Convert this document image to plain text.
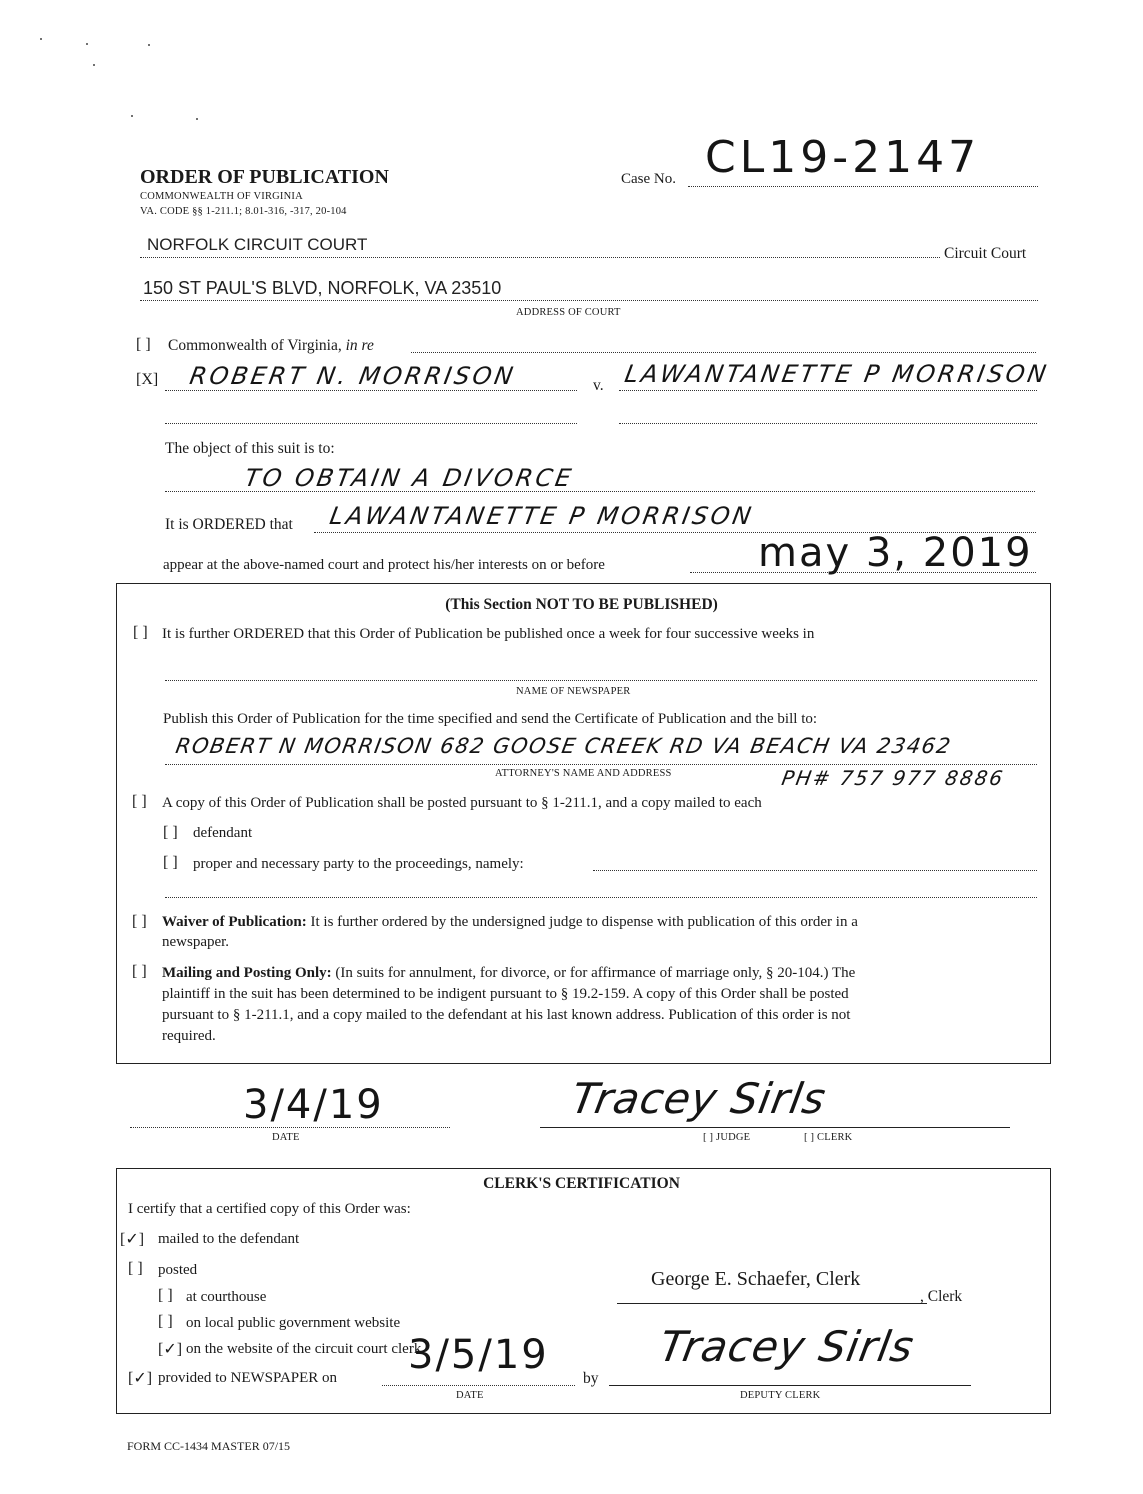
ORDER OF PUBLICATION
COMMONWEALTH OF VIRGINIA
VA. CODE §§ 1-211.1; 8.01-316, -317, 20-104
Case No. CL19-2147
NORFOLK CIRCUIT COURT	Circuit Court
150 ST PAUL'S BLVD, NORFOLK, VA 23510
ADDRESS OF COURT
[ ] Commonwealth of Virginia, in re
[X] ROBERT N. MORRISON	v. LAWANTANETTE P MORRISON
The object of this suit is to:
TO OBTAIN A DIVORCE
It is ORDERED that LAWANTANETTE P MORRISON
appear at the above-named court and protect his/her interests on or before	may 3, 2019
(This Section NOT TO BE PUBLISHED)
[ ] It is further ORDERED that this Order of Publication be published once a week for four successive weeks in
NAME OF NEWSPAPER
Publish this Order of Publication for the time specified and send the Certificate of Publication and the bill to:
ROBERT N MORRISON 682 GOOSE CREEK RD VA BEACH VA 23462
ATTORNEY'S NAME AND ADDRESS	PH# 757 977 8886
[ ] A copy of this Order of Publication shall be posted pursuant to § 1-211.1, and a copy mailed to each
[ ] defendant
[ ] proper and necessary party to the proceedings, namely:
[ ] Waiver of Publication: It is further ordered by the undersigned judge to dispense with publication of this order in a
newspaper.
[ ] Mailing and Posting Only: (In suits for annulment, for divorce, or for affirmance of marriage only, § 20-104.) The
plaintiff in the suit has been determined to be indigent pursuant to § 19.2-159. A copy of this Order shall be posted
pursuant to § 1-211.1, and a copy mailed to the defendant at his last known address. Publication of this order is not
required.
3/4/19
DATE
Tracey Sirls
[ ] JUDGE	[ ] CLERK
CLERK'S CERTIFICATION
I certify that a certified copy of this Order was:
[✓] mailed to the defendant
[ ] posted
[ ] at courthouse
[ ] on local public government website
[✓] on the website of the circuit court clerk
[✓] provided to NEWSPAPER on 3/5/19
DATE
by
George E. Schaefer, Clerk
, Clerk
Tracey Sirls
DEPUTY CLERK
FORM CC-1434 MASTER 07/15
